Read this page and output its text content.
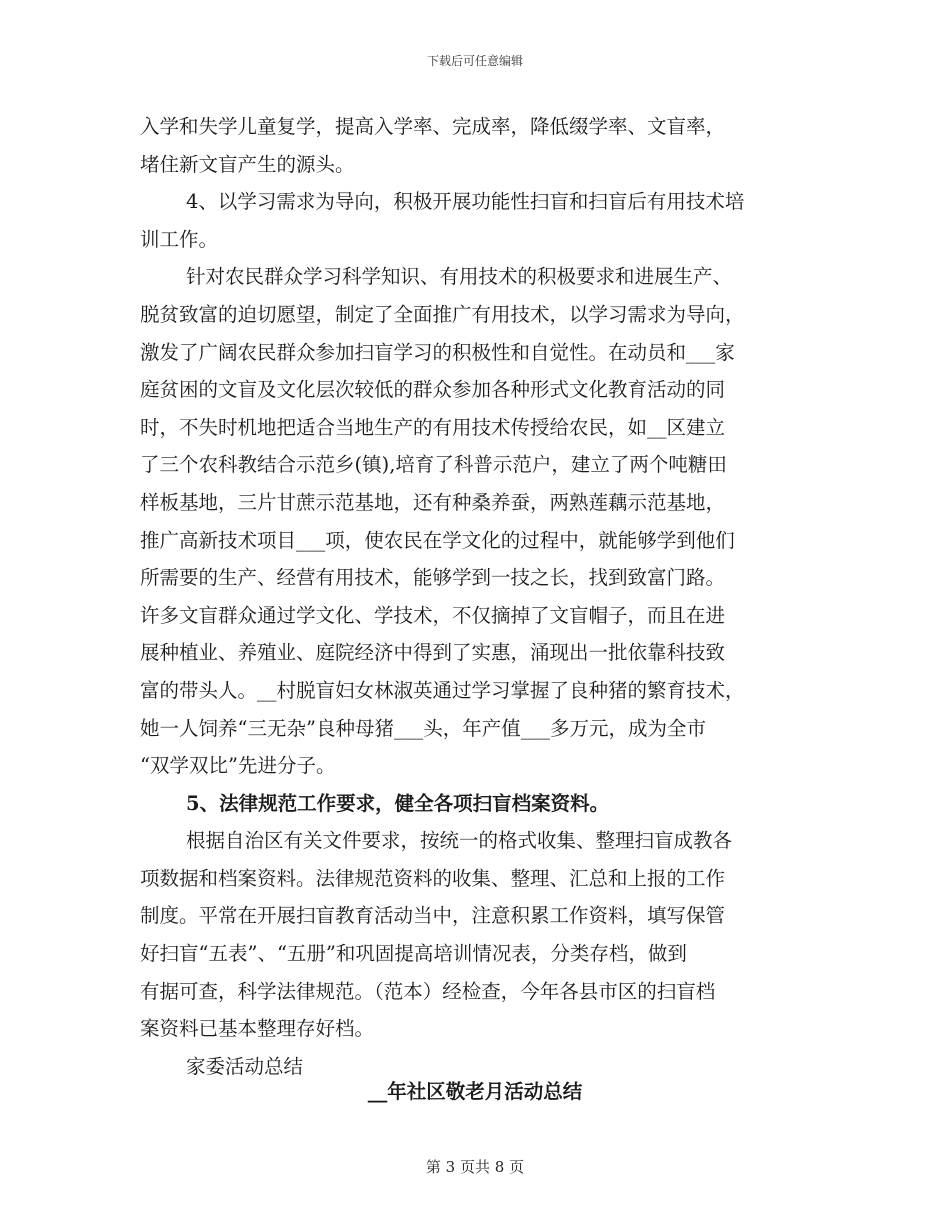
下载后可任意编辑
入学和失学儿童复学，提高入学率、完成率，降低缀学率、文盲率，
堵住新文盲产生的源头。
4、以学习需求为导向，积极开展功能性扫盲和扫盲后有用技术培
训工作。
针对农民群众学习科学知识、有用技术的积极要求和进展生产、
脱贫致富的迫切愿望，制定了全面推广有用技术，以学习需求为导向，
激发了广阔农民群众参加扫盲学习的积极性和自觉性。在动员和___家
庭贫困的文盲及文化层次较低的群众参加各种形式文化教育活动的同
时，不失时机地把适合当地生产的有用技术传授给农民，如__区建立
了三个农科教结合示范乡(镇),培育了科普示范户，建立了两个吨糖田
样板基地，三片甘蔗示范基地，还有种桑养蚕，两熟莲藕示范基地，
推广高新技术项目___项，使农民在学文化的过程中，就能够学到他们
所需要的生产、经营有用技术，能够学到一技之长，找到致富门路。
许多文盲群众通过学文化、学技术，不仅摘掉了文盲帽子，而且在进
展种植业、养殖业、庭院经济中得到了实惠，涌现出一批依靠科技致
富的带头人。__村脱盲妇女林淑英通过学习掌握了良种猪的繁育技术，
她一人饲养“三无杂”良种母猪___头，年产值___多万元，成为全市
“双学双比”先进分子。
5、法律规范工作要求，健全各项扫盲档案资料。
根据自治区有关文件要求，按统一的格式收集、整理扫盲成教各
项数据和档案资料。法律规范资料的收集、整理、汇总和上报的工作
制度。平常在开展扫盲教育活动当中，注意积累工作资料，填写保管
好扫盲“五表”、“五册”和巩固提高培训情况表，分类存档，做到
有据可查，科学法律规范。（范本）经检查，今年各县市区的扫盲档
案资料已基本整理存好档。
家委活动总结
__年社区敬老月活动总结
第 3 页共 8 页
